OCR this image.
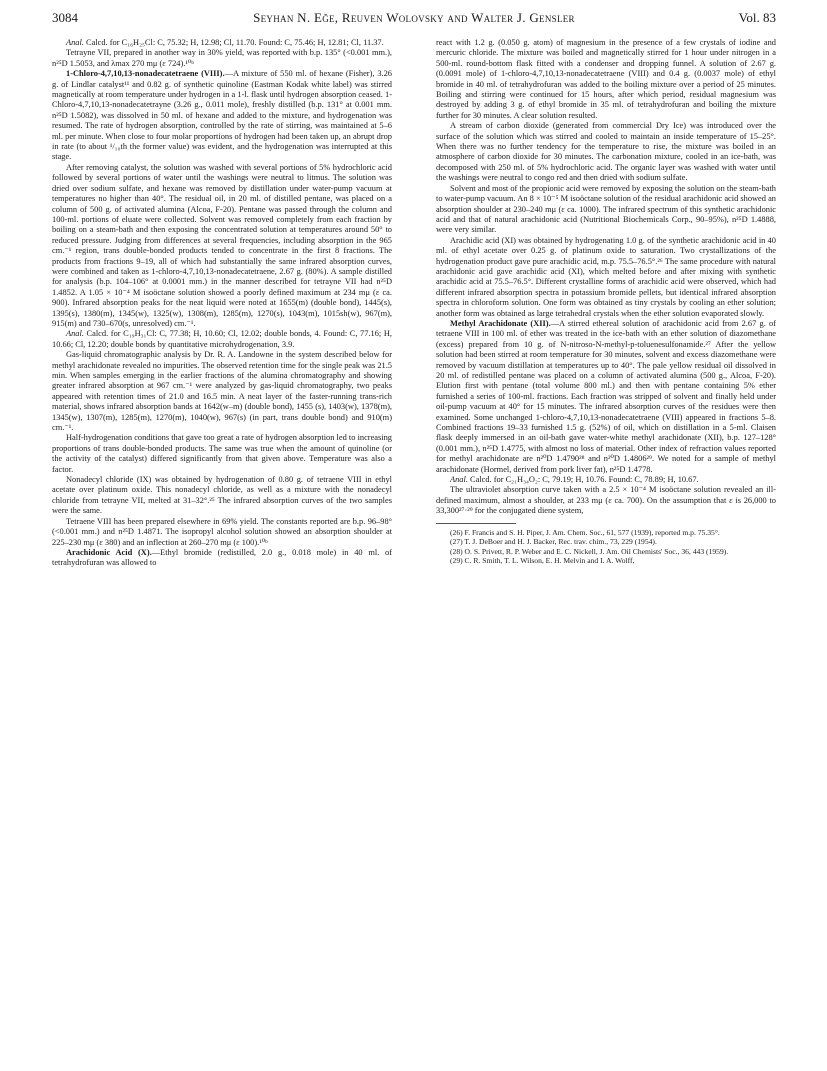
3084	Seyhan N. Eğe, Reuven Wolovsky and Walter J. Gensler	Vol. 83

Anal. Calcd. for C₁₆H₂₅Cl: C, 75.32; H, 12.98; Cl, 11.70. Found: C, 75.46; H, 12.81; Cl, 11.37.

Tetrayne VII, prepared in another way in 30% yield, was reported with b.p. 135° (<0.001 mm.), n²⁵D 1.5053, and λmax 270 mμ (ε 724).¹⁰ᵇ

1-Chloro-4,7,10,13-nonadecatetraene (VIII).—A mixture of 550 ml. of hexane (Fisher), 3.26 g. of Lindlar catalyst¹¹ and 0.82 g. of synthetic quinoline (Eastman Kodak white label) was stirred magnetically at room temperature under hydrogen in a 1-l. flask until hydrogen absorption ceased. 1-Chloro-4,7,10,13-nonadecatetrayne (3.26 g., 0.011 mole), freshly distilled (b.p. 131° at 0.001 mm. n²⁵D 1.5082), was dissolved in 50 ml. of hexane and added to the mixture, and hydrogenation was resumed. The rate of hydrogen absorption, controlled by the rate of stirring, was maintained at 5–6 ml. per minute. When close to four molar proportions of hydrogen had been taken up, an abrupt drop in rate (to about ¹/₁₀th the former value) was evident, and the hydrogenation was interrupted at this stage.

After removing catalyst, the solution was washed with several portions of 5% hydrochloric acid followed by several portions of water until the washings were neutral to litmus. The solution was dried over sodium sulfate, and hexane was removed by distillation under water-pump vacuum at temperatures no higher than 40°. The residual oil, in 20 ml. of distilled pentane, was placed on a column of 500 g. of activated alumina (Alcoa, F-20). Pentane was passed through the column and 100-ml. portions of eluate were collected. Solvent was removed completely from each fraction by boiling on a steam-bath and then exposing the concentrated solution at temperatures around 50° to reduced pressure. Judging from differences at several frequencies, including absorption in the 965 cm.⁻¹ region, trans double-bonded products tended to concentrate in the first 8 fractions. The products from fractions 9–19, all of which had substantially the same infrared absorption curves, were combined and taken as 1-chloro-4,7,10,13-nonadecatetraene, 2.67 g. (80%). A sample distilled for analysis (b.p. 104–106° at 0.0001 mm.) in the manner described for tetrayne VII had n²⁵D 1.4852. A 1.05 × 10⁻⁴ M isoöctane solution showed a poorly defined maximum at 234 mμ (ε ca. 900). Infrared absorption peaks for the neat liquid were noted at 1655(m) (double bond), 1445(s), 1395(s), 1380(m), 1345(w), 1325(w), 1308(m), 1285(m), 1270(s), 1043(m), 1015sh(w), 967(m), 915(m) and 730–670(s, unresolved) cm.⁻¹.

Anal. Calcd. for C₁₉H₃₁Cl: C, 77.38; H, 10.60; Cl, 12.02; double bonds, 4. Found: C, 77.16; H, 10.66; Cl, 12.20; double bonds by quantitative microhydrogenation, 3.9.

Gas-liquid chromatographic analysis by Dr. R. A. Landowne in the system described below for methyl arachidonate revealed no impurities. The observed retention time for the single peak was 21.5 min. When samples emerging in the earlier fractions of the alumina chromatography and showing greater infrared absorption at 967 cm.⁻¹ were analyzed by gas-liquid chromatography, two peaks appeared with retention times of 21.0 and 16.5 min. A neat layer of the faster-running trans-rich material, shows infrared absorption bands at 1642(w–m) (double bond), 1455 (s), 1403(w), 1378(m), 1345(w), 1307(m), 1285(m), 1270(m), 1040(w), 967(s) (in part, trans double bond) and 910(m) cm.⁻¹.

Half-hydrogenation conditions that gave too great a rate of hydrogen absorption led to increasing proportions of trans double-bonded products. The same was true when the amount of quinoline (or the activity of the catalyst) differed significantly from that given above. Temperature was also a factor.

Nonadecyl chloride (IX) was obtained by hydrogenation of 0.80 g. of tetraene VIII in ethyl acetate over platinum oxide. This nonadecyl chloride, as well as a mixture with the nonadecyl chloride from tetrayne VII, melted at 31–32°.²⁵ The infrared absorption curves of the two samples were the same.

Tetraene VIII has been prepared elsewhere in 69% yield. The constants reported are b.p. 96–98° (<0.001 mm.) and n²⁵D 1.4871. The isopropyl alcohol solution showed an absorption shoulder at 225–230 mμ (ε 380) and an inflection at 260–270 mμ (ε 100).¹⁰ᵇ

Arachidonic Acid (X).—Ethyl bromide (redistilled, 2.0 g., 0.018 mole) in 40 ml. of tetrahydrofuran was allowed to

react with 1.2 g. (0.050 g. atom) of magnesium in the presence of a few crystals of iodine and mercuric chloride. The mixture was boiled and magnetically stirred for 1 hour under nitrogen in a 500-ml. round-bottom flask fitted with a condenser and dropping funnel. A solution of 2.67 g. (0.0091 mole) of 1-chloro-4,7,10,13-nonadecatetraene (VIII) and 0.4 g. (0.0037 mole) of ethyl bromide in 40 ml. of tetrahydrofuran was added to the boiling mixture over a period of 25 minutes. Boiling and stirring were continued for 15 hours, after which period, residual magnesium was destroyed by adding 3 g. of ethyl bromide in 35 ml. of tetrahydrofuran and boiling the mixture further for 30 minutes. A clear solution resulted.

A stream of carbon dioxide (generated from commercial Dry Ice) was introduced over the surface of the solution which was stirred and cooled to maintain an inside temperature of 15–25°. When there was no further tendency for the temperature to rise, the mixture was boiled in an atmosphere of carbon dioxide for 30 minutes. The carbonation mixture, cooled in an ice-bath, was decomposed with 250 ml. of 5% hydrochloric acid. The organic layer was washed with water until the washings were neutral to congo red and then dried with sodium sulfate.

Solvent and most of the propionic acid were removed by exposing the solution on the steam-bath to water-pump vacuum. An 8 × 10⁻⁵ M isoöctane solution of the residual arachidonic acid showed an absorption shoulder at 230–240 mμ (ε ca. 1000). The infrared spectrum of this synthetic arachidonic acid and that of natural arachidonic acid (Nutritional Biochemicals Corp., 90–95%), n²⁵D 1.4888, were very similar.

Arachidic acid (XI) was obtained by hydrogenating 1.0 g. of the synthetic arachidonic acid in 40 ml. of ethyl acetate over 0.25 g. of platinum oxide to saturation. Two crystallizations of the hydrogenation product gave pure arachidic acid, m.p. 75.5–76.5°.²⁶ The same procedure with natural arachidonic acid gave arachidic acid (XI), which melted before and after mixing with synthetic arachidic acid at 75.5–76.5°. Different crystalline forms of arachidic acid were observed, which had different infrared absorption spectra in potassium bromide pellets, but identical infrared absorption spectra in chloroform solution. One form was obtained as tiny crystals by cooling an ether solution; another form was obtained as large tetrahedral crystals when the ether solution evaporated slowly.

Methyl Arachidonate (XII).—A stirred ethereal solution of arachidonic acid from 2.67 g. of tetraene VIII in 100 ml. of ether was treated in the ice-bath with an ether solution of diazomethane (excess) prepared from 10 g. of N-nitroso-N-methyl-p-toluenesulfonamide.²⁷ After the yellow solution had been stirred at room temperature for 30 minutes, solvent and excess diazomethane were removed by vacuum distillation at temperatures up to 40°. The pale yellow residual oil dissolved in 20 ml. of redistilled pentane was placed on a column of activated alumina (500 g., Alcoa, F-20). Elution first with pentane (total volume 800 ml.) and then with pentane containing 5% ether furnished a series of 100-ml. fractions. Each fraction was stripped of solvent and finally held under oil-pump vacuum at 40° for 15 minutes. The infrared absorption curves of the residues were then examined. Some unchanged 1-chloro-4,7,10,13-nonadecatetraene (VIII) appeared in fractions 5–8. Combined fractions 19–33 furnished 1.5 g. (52%) of oil, which on distillation in a 5-ml. Claisen flask deeply immersed in an oil-bath gave water-white methyl arachidonate (XII), b.p. 127–128° (0.001 mm.), n²⁵D 1.4775, with almost no loss of material. Other index of refraction values reported for methyl arachidonate are n²⁰D 1.4790²⁸ and n²⁰D 1.4806²⁹. We noted for a sample of methyl arachidonate (Hormel, derived from pork liver fat), n²⁵D 1.4778.

Anal. Calcd. for C₂₁H₃₄O₂: C, 79.19; H, 10.76. Found: C, 78.89; H, 10.67.

The ultraviolet absorption curve taken with a 2.5 × 10⁻⁴ M isoöctane solution revealed an ill-defined maximum, almost a shoulder, at 233 mμ (ε ca. 700). On the assumption that ε is 26,000 to 33,300²⁷·²⁹ for the conjugated diene system,

(26) F. Francis and S. H. Piper, J. Am. Chem. Soc., 61, 577 (1939), reported m.p. 75.35°.

(27) T. J. DeBoer and H. J. Backer, Rec. trav. chim., 73, 229 (1954).

(28) O. S. Privett, R. P. Weber and E. C. Nickell, J. Am. Oil Chemists' Soc., 36, 443 (1959).

(29) C. R. Smith, T. L. Wilson, E. H. Melvin and I. A. Wolff,
